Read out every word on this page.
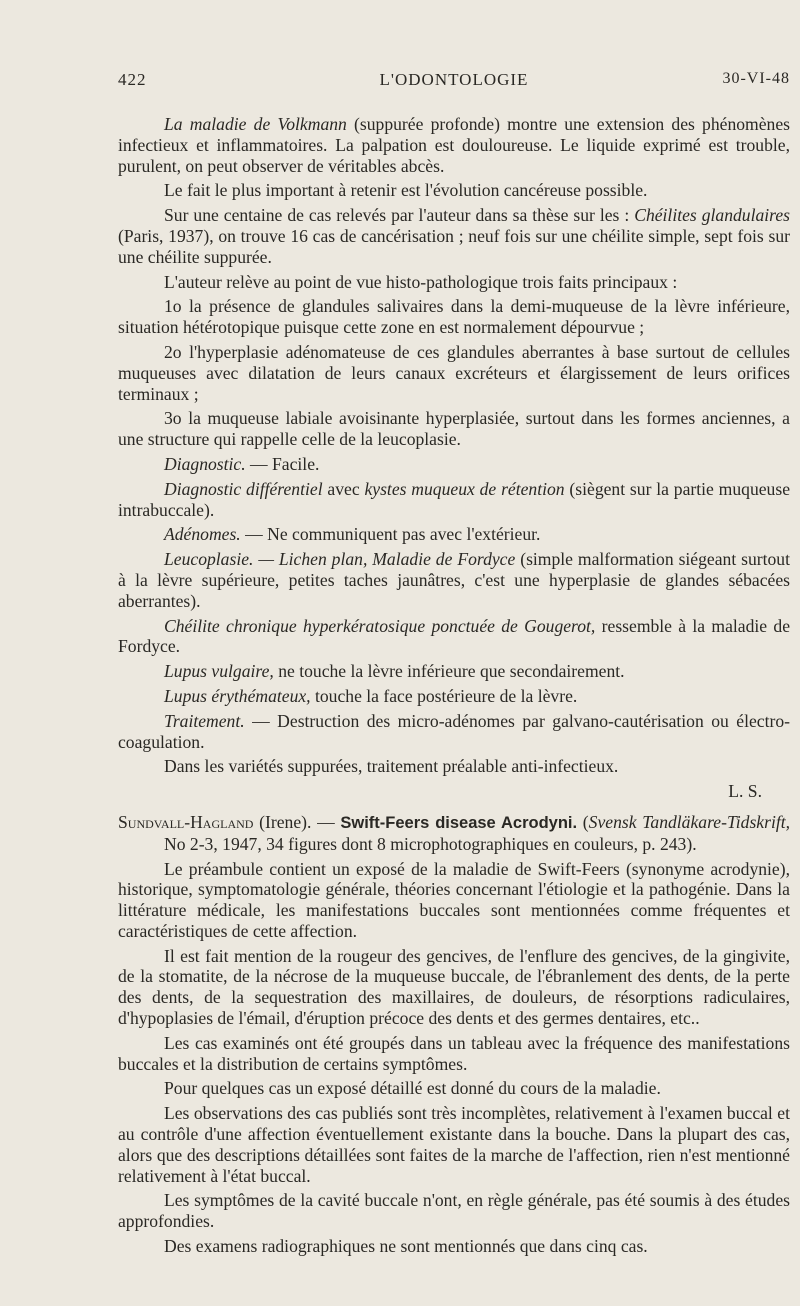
422	L'ODONTOLOGIE	30-VI-48

La maladie de Volkmann (suppurée profonde) montre une extension des phénomènes infectieux et inflammatoires. La palpation est douloureuse. Le liquide exprimé est trouble, purulent, on peut observer de véritables abcès.

Le fait le plus important à retenir est l'évolution cancéreuse possible.

Sur une centaine de cas relevés par l'auteur dans sa thèse sur les : Chéilites glandulaires (Paris, 1937), on trouve 16 cas de cancérisation ; neuf fois sur une chéilite simple, sept fois sur une chéilite suppurée.

L'auteur relève au point de vue histo-pathologique trois faits principaux :

1o la présence de glandules salivaires dans la demi-muqueuse de la lèvre inférieure, situation hétérotopique puisque cette zone en est normalement dépourvue ;

2o l'hyperplasie adénomateuse de ces glandules aberrantes à base surtout de cellules muqueuses avec dilatation de leurs canaux excréteurs et élargissement de leurs orifices terminaux ;

3o la muqueuse labiale avoisinante hyperplasiée, surtout dans les formes anciennes, a une structure qui rappelle celle de la leucoplasie.

Diagnostic. — Facile.

Diagnostic différentiel avec kystes muqueux de rétention (siègent sur la partie muqueuse intrabuccale).

Adénomes. — Ne communiquent pas avec l'extérieur.

Leucoplasie. — Lichen plan, Maladie de Fordyce (simple malformation siégeant surtout à la lèvre supérieure, petites taches jaunâtres, c'est une hyperplasie de glandes sébacées aberrantes).

Chéilite chronique hyperkératosique ponctuée de Gougerot, ressemble à la maladie de Fordyce.

Lupus vulgaire, ne touche la lèvre inférieure que secondairement.

Lupus érythémateux, touche la face postérieure de la lèvre.

Traitement. — Destruction des micro-adénomes par galvano-cautérisation ou électro-coagulation.

Dans les variétés suppurées, traitement préalable anti-infectieux.

L. S.

Sundvall-Hagland (Irene). — Swift-Feers disease Acrodyni. (Svensk Tandläkare-Tidskrift, No 2-3, 1947, 34 figures dont 8 microphotographiques en couleurs, p. 243).

Le préambule contient un exposé de la maladie de Swift-Feers (synonyme acrodynie), historique, symptomatologie générale, théories concernant l'étiologie et la pathogénie. Dans la littérature médicale, les manifestations buccales sont mentionnées comme fréquentes et caractéristiques de cette affection.

Il est fait mention de la rougeur des gencives, de l'enflure des gencives, de la gingivite, de la stomatite, de la nécrose de la muqueuse buccale, de l'ébranlement des dents, de la perte des dents, de la sequestration des maxillaires, de douleurs, de résorptions radiculaires, d'hypoplasies de l'émail, d'éruption précoce des dents et des germes dentaires, etc..

Les cas examinés ont été groupés dans un tableau avec la fréquence des manifestations buccales et la distribution de certains symptômes.

Pour quelques cas un exposé détaillé est donné du cours de la maladie.

Les observations des cas publiés sont très incomplètes, relativement à l'examen buccal et au contrôle d'une affection éventuellement existante dans la bouche. Dans la plupart des cas, alors que des descriptions détaillées sont faites de la marche de l'affection, rien n'est mentionné relativement à l'état buccal.

Les symptômes de la cavité buccale n'ont, en règle générale, pas été soumis à des études approfondies.

Des examens radiographiques ne sont mentionnés que dans cinq cas.
